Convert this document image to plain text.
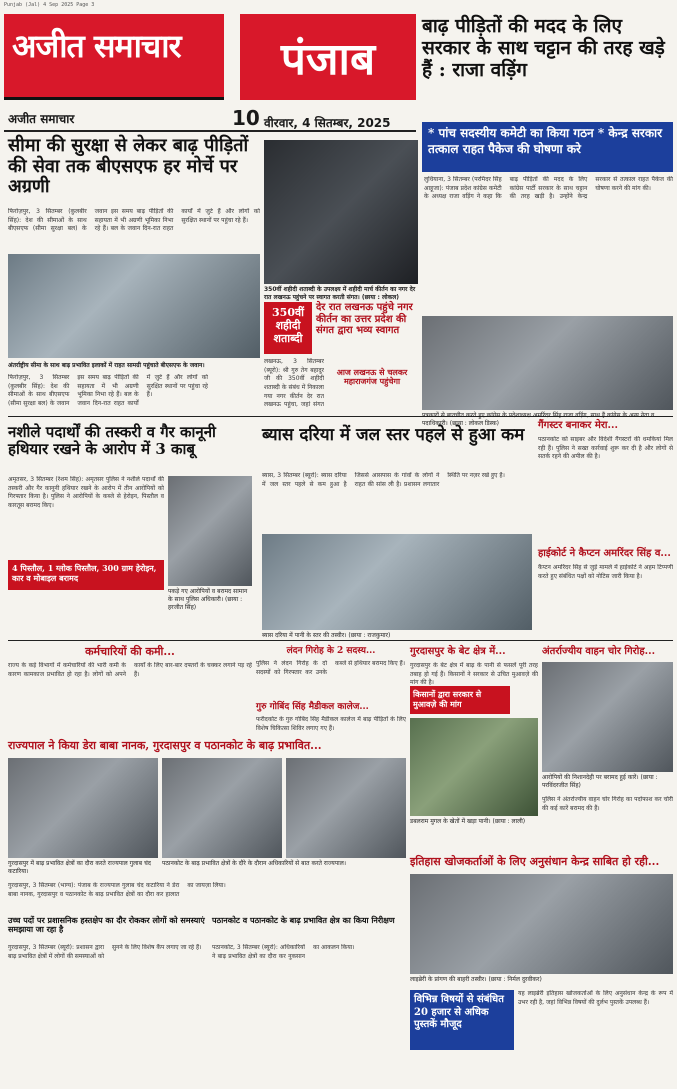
Punjab (Jal) 4 Sep 2025 Page 3
अजीत समाचार	पंजाब
अजीत समाचार	10 वीरवार, 4 सितम्बर, 2025
बाढ़ पीड़ितों की मदद के लिए सरकार के साथ चट्टान की तरह खड़े हैं : राजा वड़िंग
* पांच सदस्यीय कमेटी का किया गठन * केन्द्र सरकार तत्काल राहत पैकेज की घोषणा करे
लुधियाना, 3 सितम्बर (परमिंदर सिंह आहूजा): पंजाब प्रदेश कांग्रेस कमेटी के अध्यक्ष राजा वड़िंग ने कहा कि बाढ़ पीड़ितों की मदद के लिए कांग्रेस पार्टी सरकार के साथ चट्टान की तरह खड़ी है। उन्होंने केन्द्र सरकार से तत्काल राहत पैकेज की घोषणा करने की मांग की।
पदाधिकारी। (छाया : लोकल डिस्क)
सीमा की सुरक्षा से लेकर बाढ़ पीड़ितों की सेवा तक बीएसएफ हर मोर्चे पर अग्रणी
फिरोज़पुर, 3 सितम्बर (कुलबीर सिंह): देश की सीमाओं के साथ बीएसएफ (सीमा सुरक्षा बल) के जवान इस समय बाढ़ पीड़ितों की सहायता में भी अग्रणी भूमिका निभा रहे हैं। बल के जवान दिन-रात राहत कार्यों में जुटे हैं और लोगों को सुरक्षित स्थानों पर पहुंचा रहे हैं।
अंतर्राष्ट्रीय सीमा के साथ बाढ़ प्रभावित इलाकों में राहत सामग्री पहुंचाते बीएसएफ के जवान।
फिरोज़पुर, 3 सितम्बर (कुलबीर सिंह): देश की सीमाओं के साथ बीएसएफ (सीमा सुरक्षा बल) के जवान इस समय बाढ़ पीड़ितों की सहायता में भी अग्रणी भूमिका निभा रहे हैं। बल के जवान दिन-रात राहत कार्यों में जुटे हैं और लोगों को सुरक्षित स्थानों पर पहुंचा रहे हैं।
350वीं शहीदी शताब्दी के उपलक्ष्य में शहीदी मार्च कीर्तन का नगर देर रात लखनऊ पहुंचने पर स्वागत करती संगत। (छाया : लोकल)
350वीं
शहीदी
शताब्दी
देर रात लखनऊ पहुंचे नगर कीर्तन का उत्तर प्रदेश की संगत द्वारा भव्य स्वागत
लखनऊ, 3 सितम्बर (ब्यूरो): श्री गुरु तेग बहादुर जी की 350वीं शहीदी शताब्दी के संबंध में निकाला गया नगर कीर्तन देर रात लखनऊ पहुंचा, जहां संगत
आज लखनऊ से चलकर महाराजगंज पहुंचेगा
नशीले पदार्थों की तस्करी व गैर कानूनी हथियार रखने के आरोप में 3 काबू
अमृतसर, 3 सितम्बर (रेशम सिंह): अमृतसर पुलिस ने नशीले पदार्थों की तस्करी और गैर कानूनी हथियार रखने के आरोप में तीन आरोपियों को गिरफ्तार किया है। पुलिस ने आरोपियों के कब्जे से हेरोइन, पिस्तौल व कारतूस बरामद किए।
4 पिस्तौल, 1 ग्लोक पिस्तौल, 300 ग्राम हेरोइन, कार व मोबाइल बरामद
पकड़े गए आरोपियों व बरामद सामान के साथ पुलिस अधिकारी। (छाया : हरजीत सिंह)
ब्यास दरिया में जल स्तर पहले से हुआ कम
ब्यास, 3 सितम्बर (ब्यूरो): ब्यास दरिया में जल स्तर पहले से कम हुआ है जिससे आसपास के गांवों के लोगों ने राहत की सांस ली है। प्रशासन लगातार स्थिति पर नज़र रखे हुए है।
ब्यास दरिया में पानी के स्तर की तस्वीर। (छाया : राजकुमार)
गैंगस्टर बनाकर मेरा...
पठानकोट को साइबर और विदेशी गैंगस्टरों की धमकियां मिल रही हैं। पुलिस ने सख्त कार्रवाई शुरू कर दी है और लोगों से सतर्क रहने की अपील की है।
हाईकोर्ट ने कैप्टन अमरिंदर सिंह व...
कैप्टन अमरिंदर सिंह से जुड़े मामले में हाईकोर्ट ने अहम टिप्पणी करते हुए संबंधित पक्षों को नोटिस जारी किया है।
कर्मचारियों की कमी...
राज्य के कई विभागों में कर्मचारियों की भारी कमी के कारण कामकाज प्रभावित हो रहा है। लोगों को अपने कार्यों के लिए बार-बार दफ्तरों के चक्कर लगाने पड़ रहे हैं।
लंदन गिरोह के 2 सदस्य...
पुलिस ने लंदन गिरोह के दो सदस्यों को गिरफ्तार कर उनके कब्जे से हथियार बरामद किए हैं।
गुरु गोबिंद सिंह मैडीकल कालेज...
फरीदकोट के गुरु गोबिंद सिंह मैडीकल कालेज में बाढ़ पीड़ितों के लिए विशेष चिकित्सा शिविर लगाए गए हैं।
गुरदासपुर के बेट क्षेत्र में...
गुरदासपुर के बेट क्षेत्र में बाढ़ के पानी से फसलें पूरी तरह तबाह हो गई हैं। किसानों ने सरकार से उचित मुआवज़े की मांग की है।
किसानों द्वारा सरकार से मुआवज़े की मांग
डबलराम मुगल के खेतों में खड़ा पानी। (छाया : लाली)
अंतर्राज्यीय वाहन चोर गिरोह...
आरोपियों की निशानदेही पर बरामद हुई कारें। (छाया : परविंदरजीत सिंह)
पुलिस ने अंतर्राज्यीय वाहन चोर गिरोह का पर्दाफाश कर चोरी की कई कारें बरामद की हैं।
राज्यपाल ने किया डेरा बाबा नानक, गुरदासपुर व पठानकोट के बाढ़ प्रभावित...
गुरदासपुर में बाढ़ प्रभावित क्षेत्रों का दौरा करते राज्यपाल गुलाब चंद कटारिया।
पठानकोट के बाढ़ प्रभावित क्षेत्रों के दौरे के दौरान अधिकारियों से बात करते राज्यपाल।
गुरदासपुर, 3 सितम्बर (भाग्य): पंजाब के राज्यपाल गुलाब चंद कटारिया ने डेरा बाबा नानक, गुरदासपुर व पठानकोट के बाढ़ प्रभावित क्षेत्रों का दौरा कर हालात का जायज़ा लिया।
इतिहास खोजकर्ताओं के लिए अनुसंधान केन्द्र साबित हो रही...
लाइब्रेरी के प्रांगण की बाहरी तस्वीर। (छाया : निर्मल दुरवीकर)
विभिन्न विषयों से संबंधित 20 हजार से अधिक पुस्तकें मौजूद
यह लाइब्रेरी इतिहास खोजकर्ताओं के लिए अनुसंधान केन्द्र के रूप में उभर रही है, जहां विभिन्न विषयों की दुर्लभ पुस्तकें उपलब्ध हैं।
उच्च पदों पर प्रशासनिक हस्तक्षेप का दौर रोककर लोगों को समस्याएं समझाया जा रहा है
गुरदासपुर, 3 सितम्बर (ब्यूरो): प्रशासन द्वारा बाढ़ प्रभावित क्षेत्रों में लोगों की समस्याओं को सुनने के लिए विशेष कैंप लगाए जा रहे हैं।
पठानकोट व पठानकोट के बाढ़ प्रभावित क्षेत्र का किया निरीक्षण
पठानकोट, 3 सितम्बर (ब्यूरो): अधिकारियों ने बाढ़ प्रभावित क्षेत्रों का दौरा कर नुकसान का आकलन किया।
